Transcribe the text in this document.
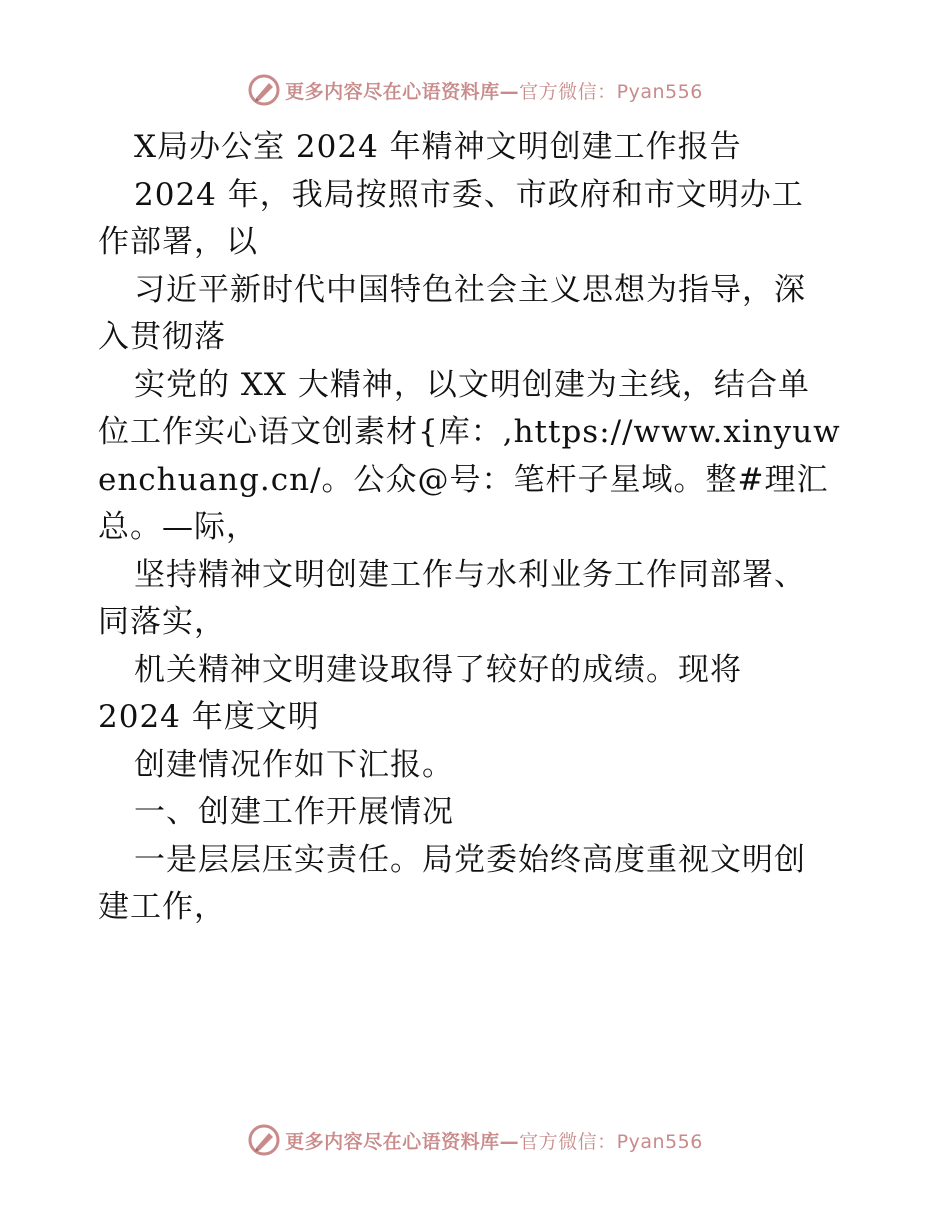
更多内容尽在心语资料库—官方微信：Pyan556

X局办公室 2024 年精神文明创建工作报告

2024 年，我局按照市委、市政府和市文明办工

作部署，以

习近平新时代中国特色社会主义思想为指导，深

入贯彻落

实党的 XX 大精神，以文明创建为主线，结合单

位工作实心语文创素材{库：,https://www.xinyuw

enchuang.cn/。公众@号：笔杆子星域。整#理汇

总。—际，

坚持精神文明创建工作与水利业务工作同部署、

同落实，

机关精神文明建设取得了较好的成绩。现将

2024 年度文明

创建情况作如下汇报。

一、创建工作开展情况

一是层层压实责任。局党委始终高度重视文明创

建工作，

更多内容尽在心语资料库—官方微信：Pyan556
